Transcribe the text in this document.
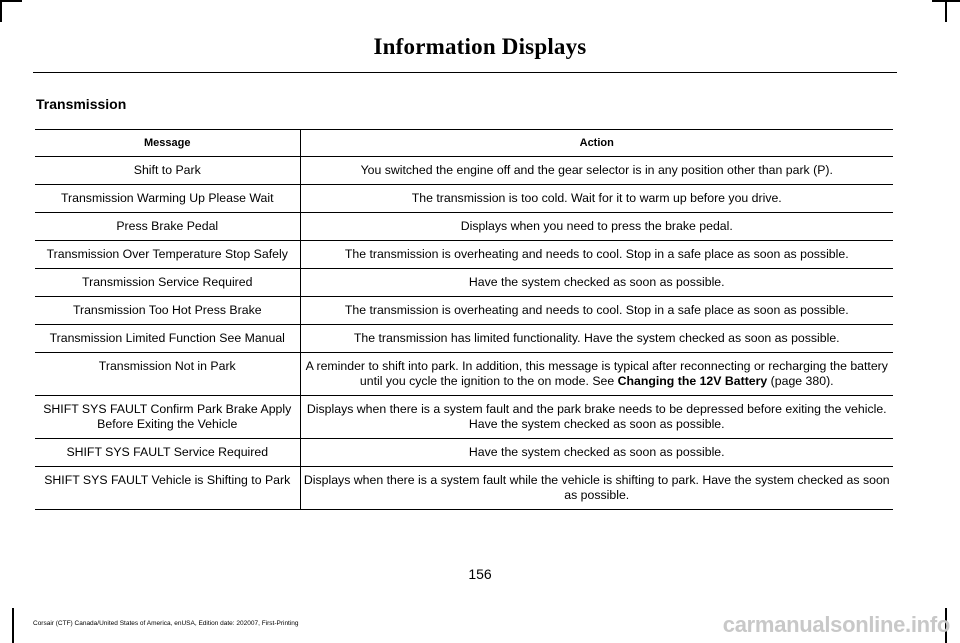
Information Displays
Transmission
Message	Action
Shift to Park	You switched the engine off and the gear selector is in any position other than park (P).
Transmission Warming Up Please Wait	The transmission is too cold. Wait for it to warm up before you drive.
Press Brake Pedal	Displays when you need to press the brake pedal.
Transmission Over Temperature Stop Safely	The transmission is overheating and needs to cool. Stop in a safe place as soon as possible.
Transmission Service Required	Have the system checked as soon as possible.
Transmission Too Hot Press Brake	The transmission is overheating and needs to cool. Stop in a safe place as soon as possible.
Transmission Limited Function See Manual	The transmission has limited functionality. Have the system checked as soon as possible.
Transmission Not in Park	A reminder to shift into park. In addition, this message is typical after reconnecting or recharging the battery until you cycle the ignition to the on mode. See Changing the 12V Battery (page 380).
SHIFT SYS FAULT Confirm Park Brake Apply Before Exiting the Vehicle	Displays when there is a system fault and the park brake needs to be depressed before exiting the vehicle. Have the system checked as soon as possible.
SHIFT SYS FAULT Service Required	Have the system checked as soon as possible.
SHIFT SYS FAULT Vehicle is Shifting to Park	Displays when there is a system fault while the vehicle is shifting to park. Have the system checked as soon as possible.
156
Corsair (CTF) Canada/United States of America, enUSA, Edition date: 202007, First-Printing	carmanualsonline.info
